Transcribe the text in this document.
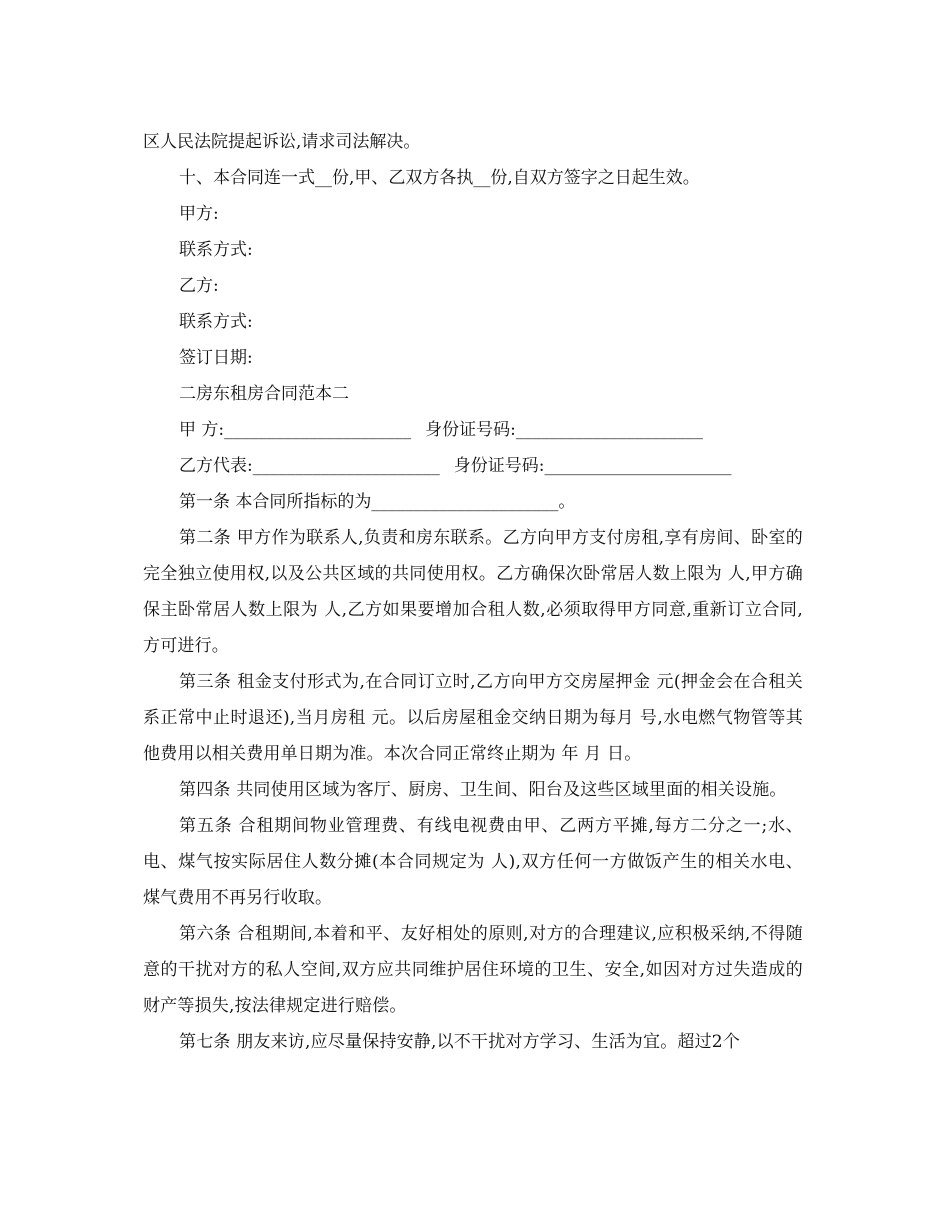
区人民法院提起诉讼,请求司法解决。
十、本合同连一式__份,甲、乙双方各执__份,自双方签字之日起生效。
甲方:
联系方式:
乙方:
联系方式:
签订日期:
二房东租房合同范本二
甲 方:______________________ 身份证号码:______________________
乙方代表:______________________ 身份证号码:______________________
第一条 本合同所指标的为______________________。
第二条 甲方作为联系人,负责和房东联系。乙方向甲方支付房租,享有房间、卧室的完全独立使用权,以及公共区域的共同使用权。乙方确保次卧常居人数上限为 人,甲方确保主卧常居人数上限为 人,乙方如果要增加合租人数,必须取得甲方同意,重新订立合同,方可进行。
第三条 租金支付形式为,在合同订立时,乙方向甲方交房屋押金 元(押金会在合租关系正常中止时退还),当月房租 元。以后房屋租金交纳日期为每月 号,水电燃气物管等其他费用以相关费用单日期为准。本次合同正常终止期为 年 月 日。
第四条 共同使用区域为客厅、厨房、卫生间、阳台及这些区域里面的相关设施。
第五条 合租期间物业管理费、有线电视费由甲、乙两方平摊,每方二分之一;水、电、煤气按实际居住人数分摊(本合同规定为 人),双方任何一方做饭产生的相关水电、煤气费用不再另行收取。
第六条 合租期间,本着和平、友好相处的原则,对方的合理建议,应积极采纳,不得随意的干扰对方的私人空间,双方应共同维护居住环境的卫生、安全,如因对方过失造成的财产等损失,按法律规定进行赔偿。
第七条 朋友来访,应尽量保持安静,以不干扰对方学习、生活为宜。超过2个
